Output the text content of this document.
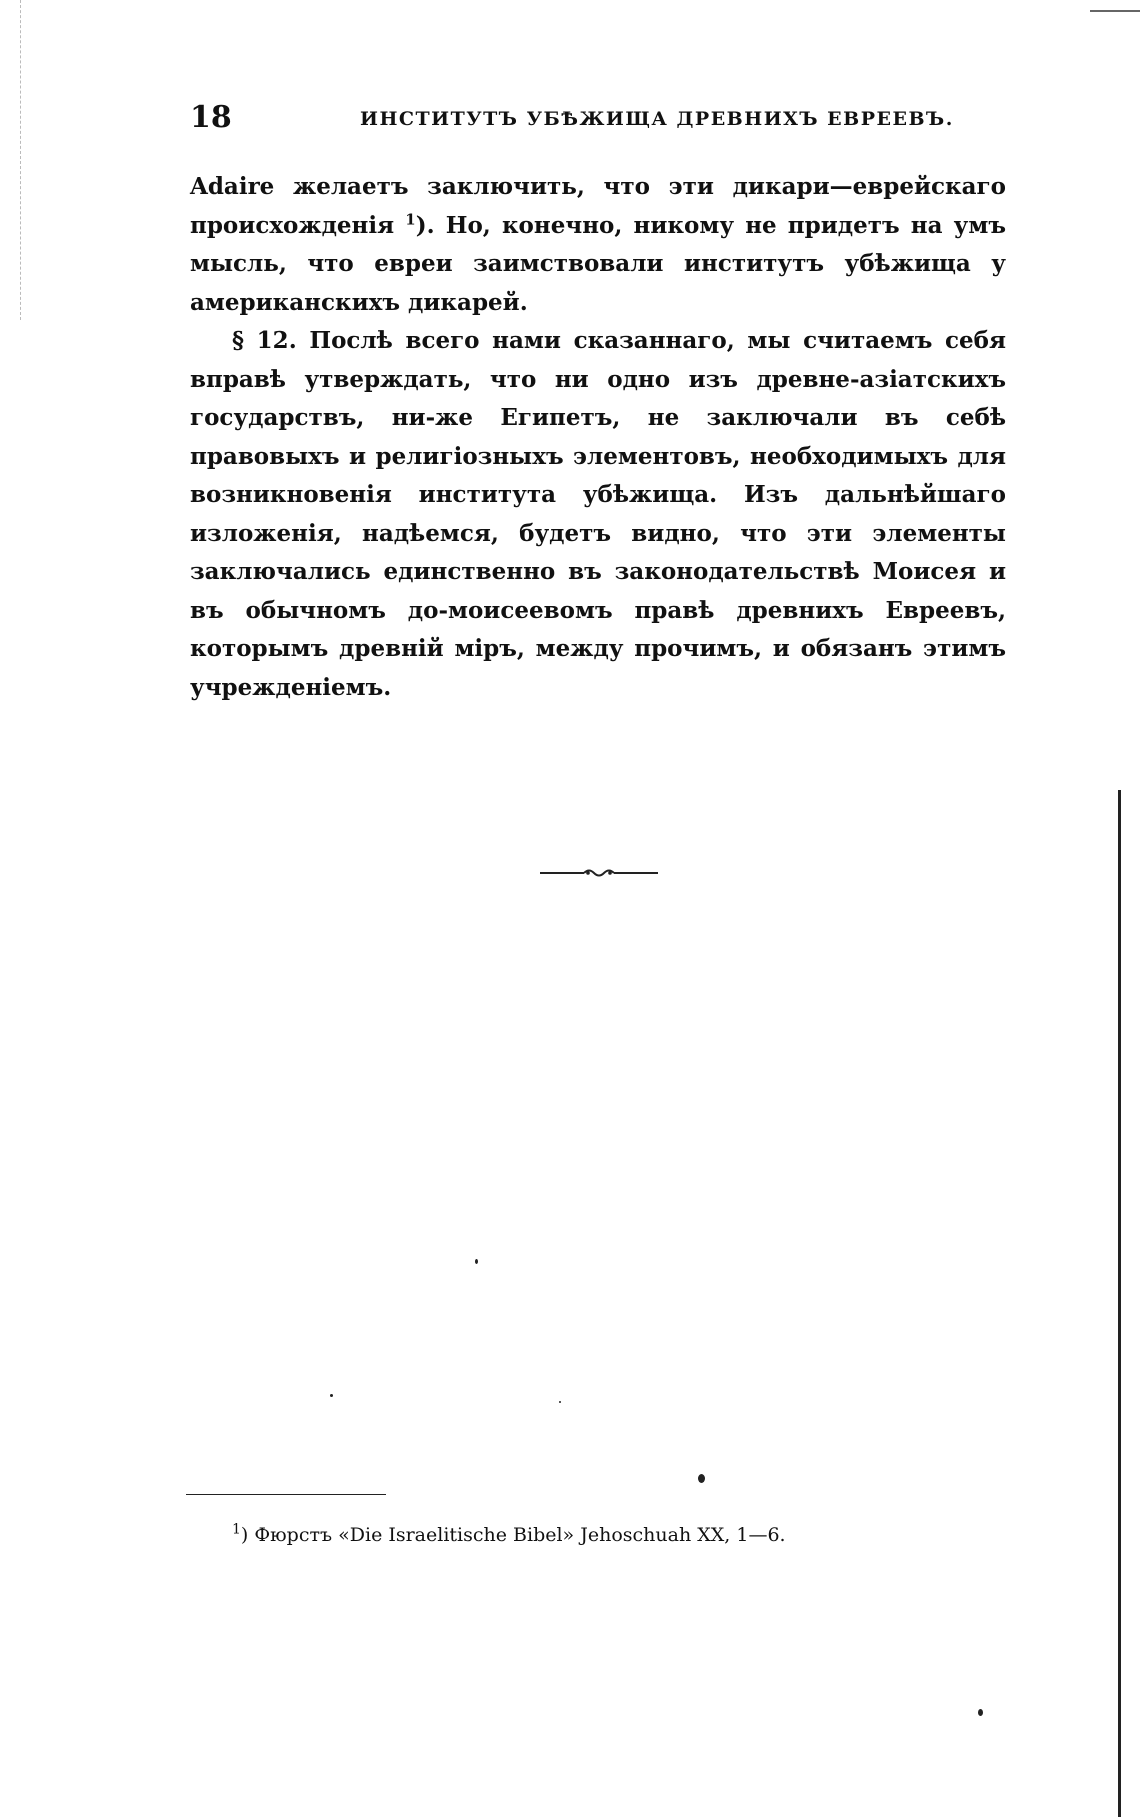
18	ИНСТИТУТЪ УБѢЖИЩА ДРЕВНИХЪ ЕВРЕЕВЪ.

Adaire желаетъ заключить, что эти дикари—еврейскаго происхожденія $^1$). Но, конечно, никому не придетъ на умъ мысль, что евреи заимствовали институтъ убѣжища у американскихъ дикарей.

§ 12. Послѣ всего нами сказаннаго, мы считаемъ себя вправѣ утверждать, что ни одно изъ древне-азіатскихъ государствъ, ни-же Египетъ, не заключали въ себѣ правовыхъ и религіозныхъ элементовъ, необходимыхъ для возникновенія института убѣжища. Изъ дальнѣйшаго изложенія, надѣемся, будетъ видно, что эти элементы заключались единственно въ законодательствѣ Моисея и въ обычномъ до-моисеевомъ правѣ древнихъ Евреевъ, которымъ древній міръ, между прочимъ, и обязанъ этимъ учрежденіемъ.

$^1$) Фюрстъ «Die Israelitische Bibel» Jehoschuah XX, 1—6.
